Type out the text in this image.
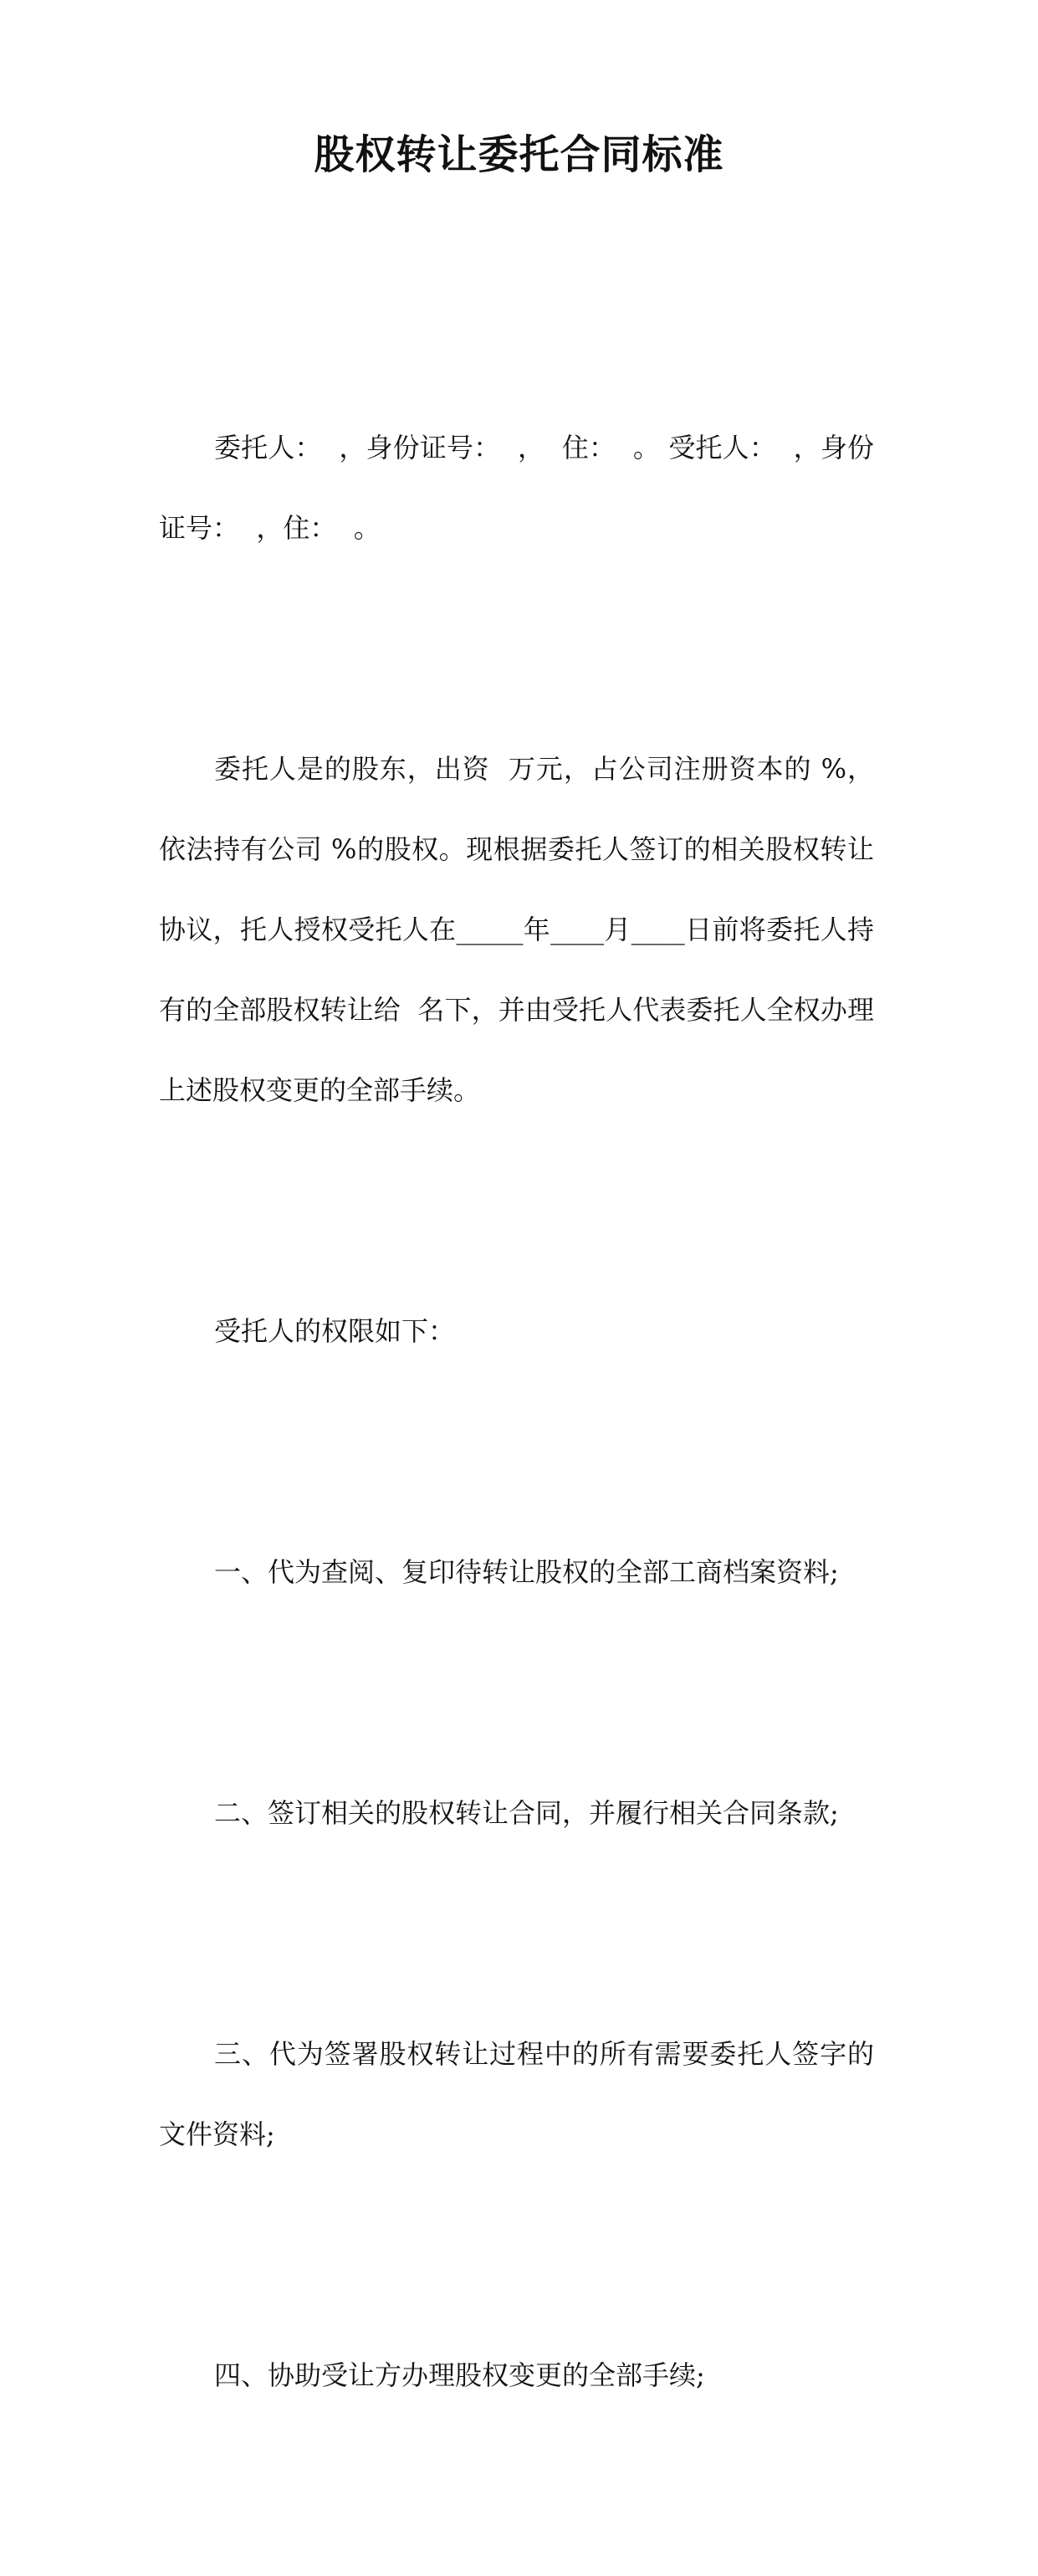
股权转让委托合同标准

委托人：  ，身份证号：  ，  住：  。 受托人：  ，身份证号：  ，住：  。

委托人是的股东，出资  万元，占公司注册资本的 %，依法持有公司 %的股权。现根据委托人签订的相关股权转让协议，托人授权受托人在_____年____月____日前将委托人持有的全部股权转让给  名下，并由受托人代表委托人全权办理上述股权变更的全部手续。

受托人的权限如下：

一、代为查阅、复印待转让股权的全部工商档案资料;

二、签订相关的股权转让合同，并履行相关合同条款;

三、代为签署股权转让过程中的所有需要委托人签字的文件资料;

四、协助受让方办理股权变更的全部手续;
